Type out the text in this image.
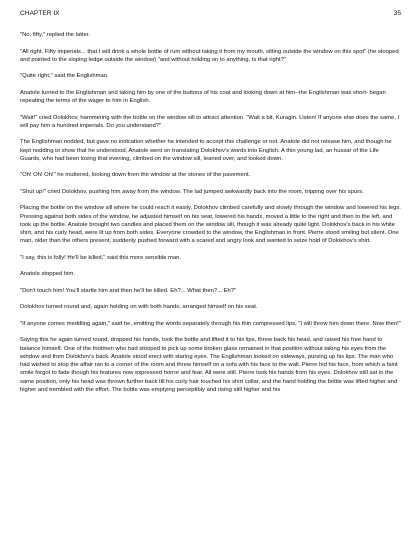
CHAPTER IX	35

"No, fifty," replied the latter.

"All right. Fifty imperials... that I will drink a whole bottle of rum without taking it from my mouth, sitting outside the window on this spot" (he stooped and pointed to the sloping ledge outside the window) "and without holding on to anything. Is that right?"

"Quite right," said the Englishman.

Anatole turned to the Englishman and taking him by one of the buttons of his coat and looking down at him--the Englishman was short- began repeating the terms of the wager to him in English.

"Wait!" cried Dolokhov, hammering with the bottle on the window sill to attract attention. "Wait a bit, Kuragin. Listen! If anyone else does the same, I will pay him a hundred imperials. Do you understand?"

The Englishman nodded, but gave no indication whether he intended to accept this challenge or not. Anatole did not release him, and though he kept nodding to show that he understood, Anatole went on translating Dolokhov's words into English. A thin young lad, an hussar of the Life Guards, who had been losing that evening, climbed on the window sill, leaned over, and looked down.

"Oh! Oh! Oh!" he muttered, looking down from the window at the stones of the pavement.

"Shut up!" cried Dolokhov, pushing him away from the window. The lad jumped awkwardly back into the room, tripping over his spurs.

Placing the bottle on the window sill where he could reach it easily, Dolokhov climbed carefully and slowly through the window and lowered his legs. Pressing against both sides of the window, he adjusted himself on his seat, lowered his hands, moved a little to the right and then to the left, and took up the bottle. Anatole brought two candles and placed them on the window sill, though it was already quite light. Dolokhov's back in his white shirt, and his curly head, were lit up from both sides. Everyone crowded to the window, the Englishman in front. Pierre stood smiling but silent. One man, older than the others present, suddenly pushed forward with a scared and angry look and wanted to seize hold of Dolokhov's shirt.

"I say, this is folly! He'll be killed," said this more sensible man.

Anatole stopped him.

"Don't touch him! You'll startle him and then he'll be killed. Eh?... What then?... Eh?"

Dolokhov turned round and, again holding on with both hands, arranged himself on his seat.

"If anyone comes meddling again," said he, emitting the words separately through his thin compressed lips, "I will throw him down there. Now then!"

Saying this he again turned round, dropped his hands, took the bottle and lifted it to his lips, threw back his head, and raised his free hand to balance himself. One of the footmen who had stooped to pick up some broken glass remained in that position without taking his eyes from the window and from Dolokhov's back. Anatole stood erect with staring eyes. The Englishman looked on sideways, pursing up his lips. The man who had wished to stop the affair ran to a corner of the room and threw himself on a sofa with his face to the wall. Pierre hid his face, from which a faint smile forgot to fade though his features now expressed horror and fear. All were still. Pierre took his hands from his eyes. Dolokhov still sat in the same position, only his head was thrown further back till his curly hair touched his shirt collar, and the hand holding the bottle was lifted higher and higher and trembled with the effort. The bottle was emptying perceptibly and rising still higher and his
